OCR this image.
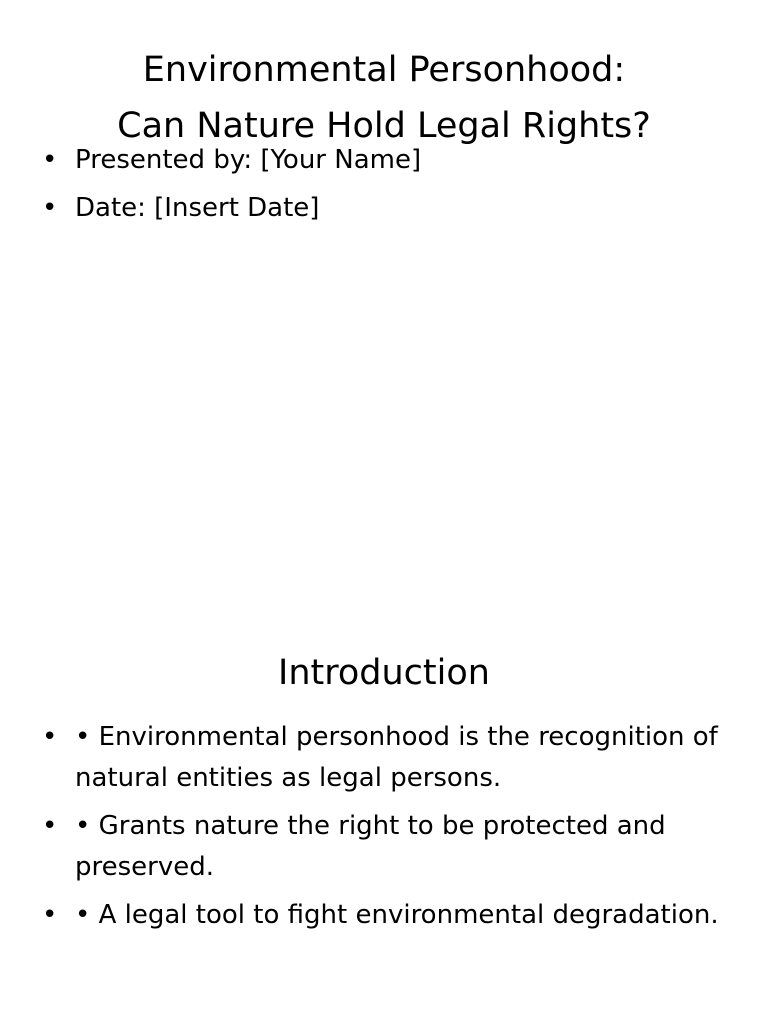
Environmental Personhood:
Can Nature Hold Legal Rights?
• Presented by: [Your Name]
• Date: [Insert Date]
Introduction
• • Environmental personhood is the recognition of natural entities as legal persons.
• • Grants nature the right to be protected and preserved.
• • A legal tool to fight environmental degradation.
